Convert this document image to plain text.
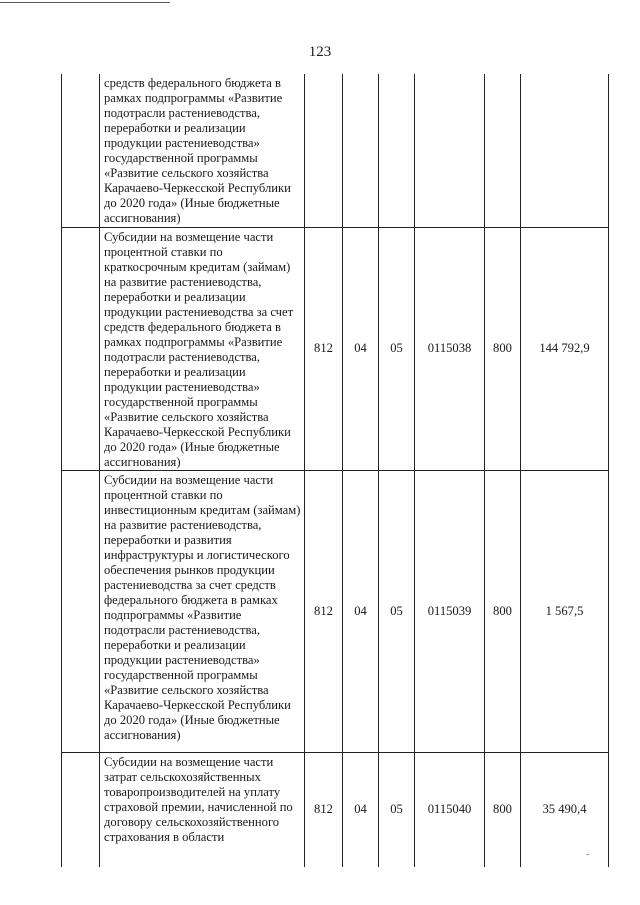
123
	средств федерального бюджета в рамках подпрограммы «Развитие подотрасли растениеводства, переработки и реализации продукции растениеводства» государственной программы «Развитие сельского хозяйства Карачаево-Черкесской Республики до 2020 года» (Иные бюджетные ассигнования)						
	Субсидии на возмещение части процентной ставки по краткосрочным кредитам (займам) на развитие растениеводства, переработки и реализации продукции растениеводства за счет средств федерального бюджета в рамках подпрограммы «Развитие подотрасли растениеводства, переработки и реализации продукции растениеводства» государственной программы «Развитие сельского хозяйства Карачаево-Черкесской Республики до 2020 года» (Иные бюджетные ассигнования)	812	04	05	0115038	800	144 792,9
	Субсидии на возмещение части процентной ставки по инвестиционным кредитам (займам) на развитие растениеводства, переработки и развития инфраструктуры и логистического обеспечения рынков продукции растениеводства за счет средств федерального бюджета в рамках подпрограммы «Развитие подотрасли растениеводства, переработки и реализации продукции растениеводства» государственной программы «Развитие сельского хозяйства Карачаево-Черкесской Республики до 2020 года» (Иные бюджетные ассигнования)	812	04	05	0115039	800	1 567,5
	Субсидии на возмещение части затрат сельскохозяйственных товаропроизводителей на уплату страховой премии, начисленной по договору сельскохозяйственного страхования в области	812	04	05	0115040	800	35 490,4
-
